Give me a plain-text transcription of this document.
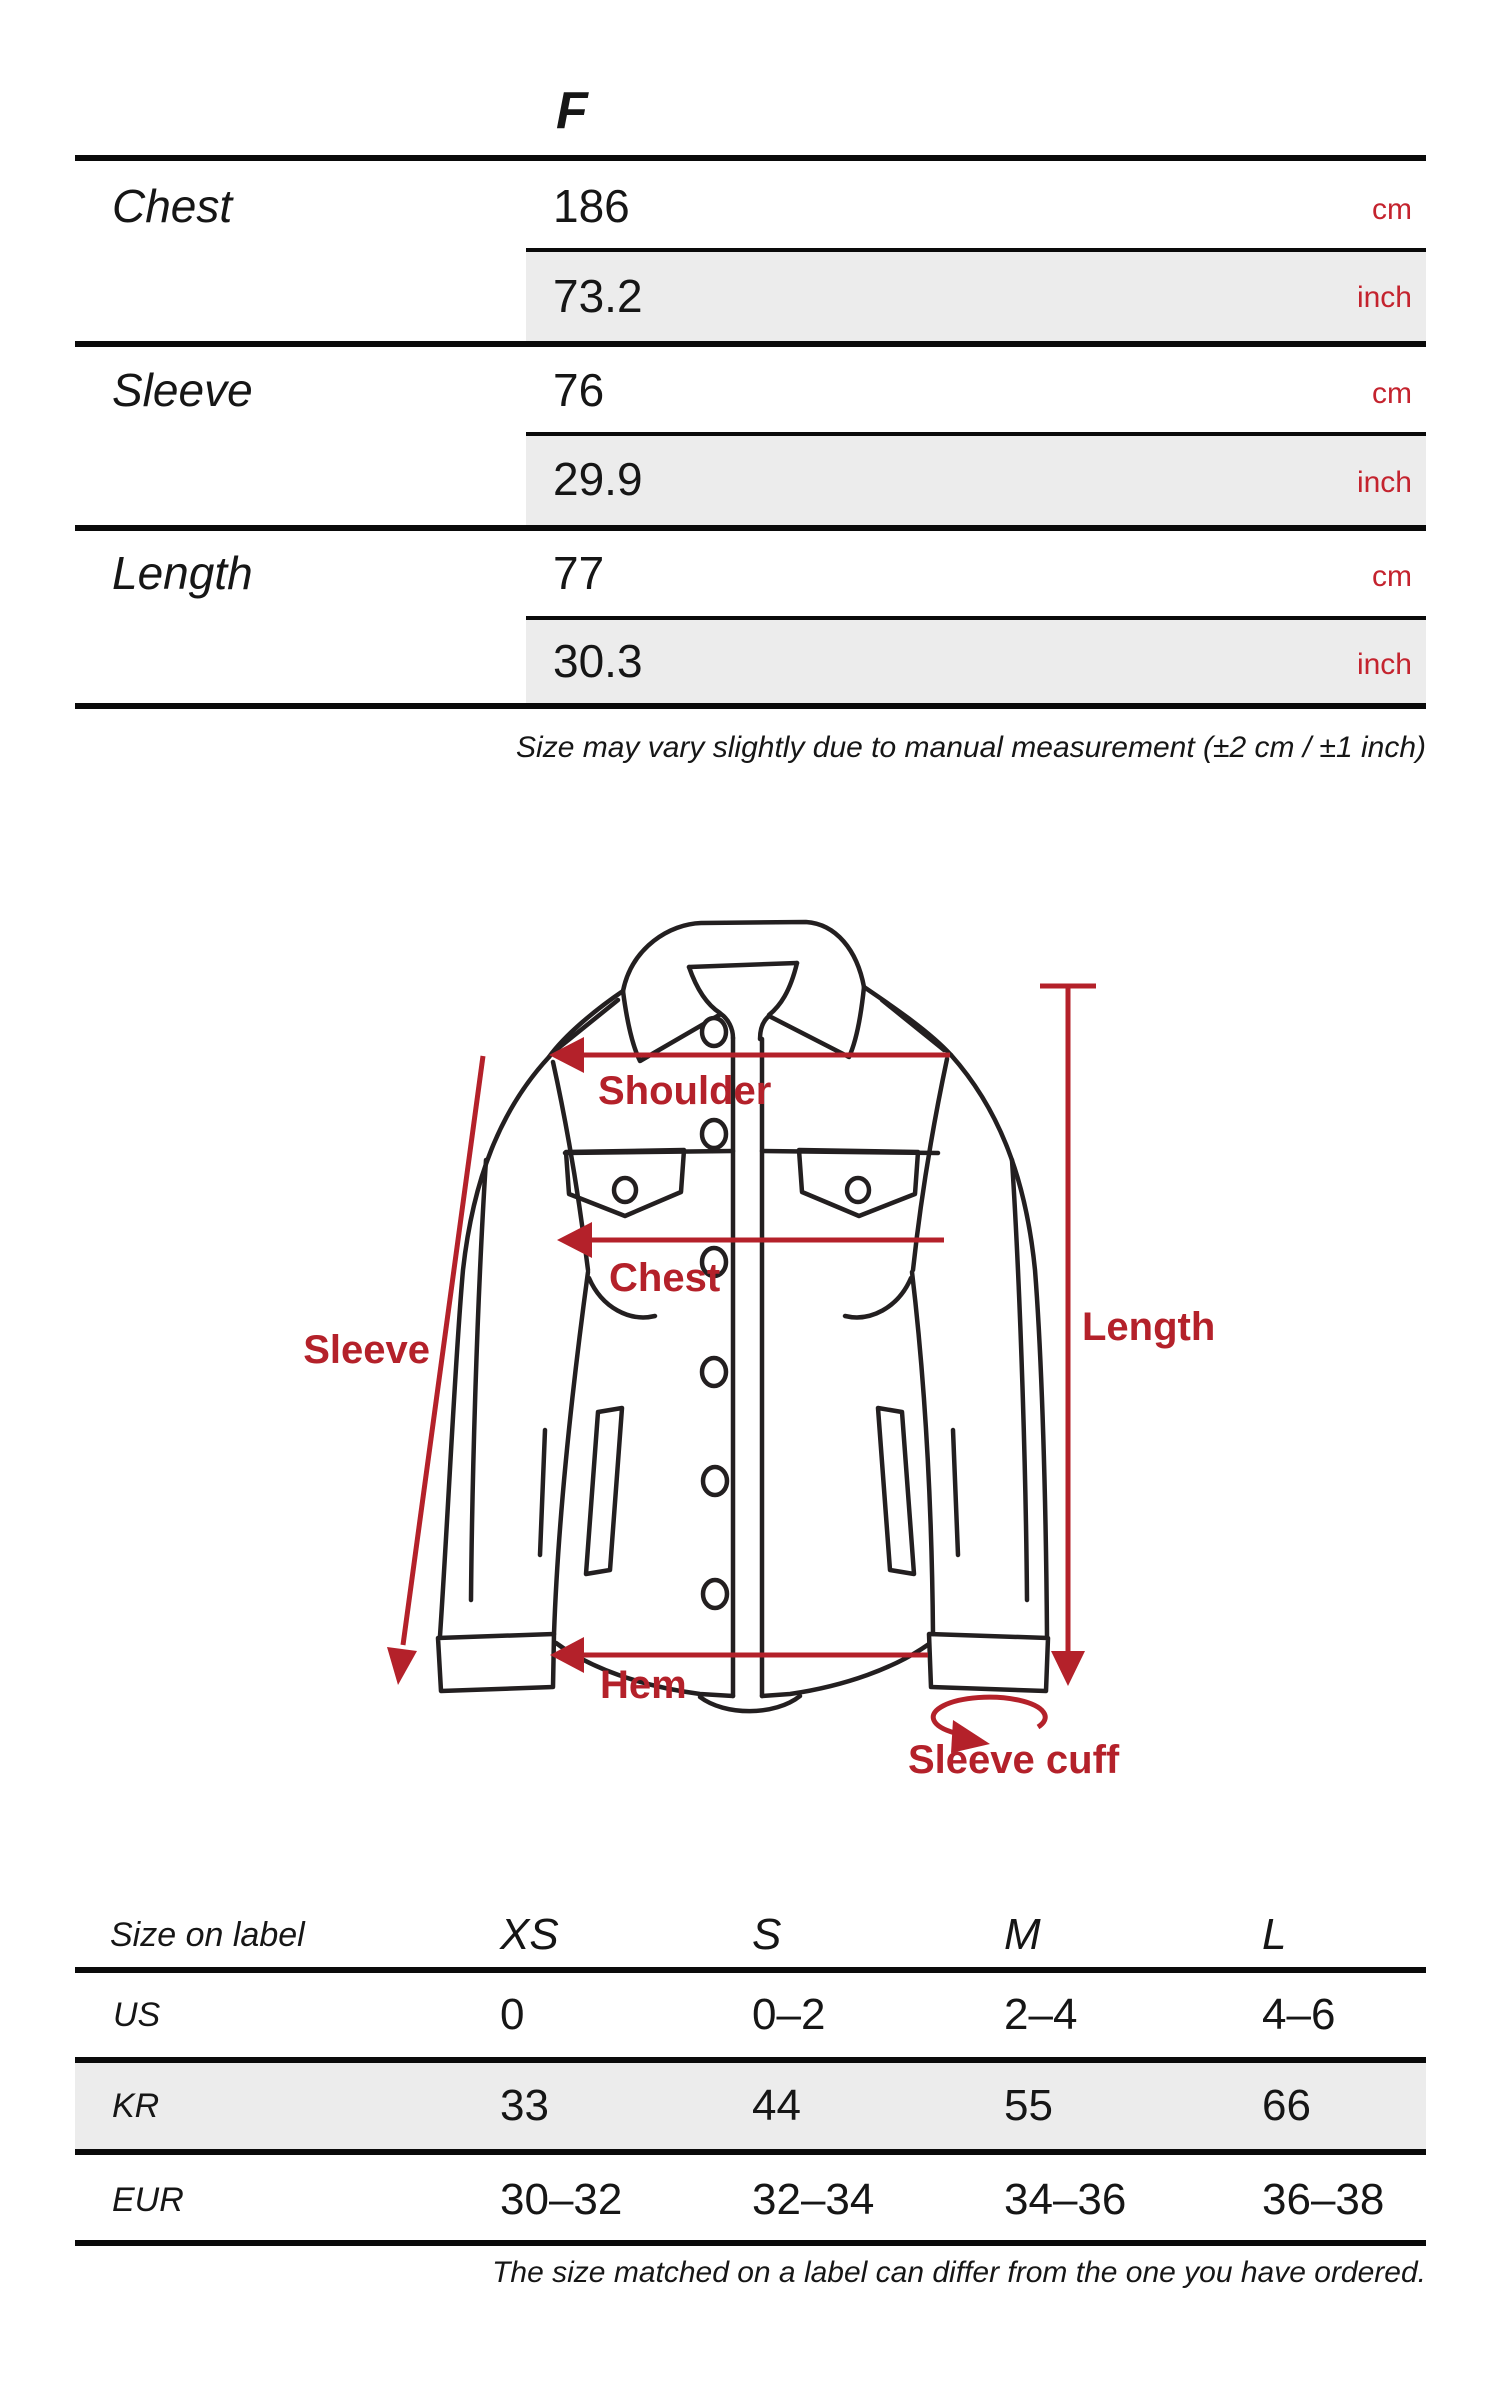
F
Chest	186	cm
73.2	inch
Sleeve	76	cm
29.9	inch
Length	77	cm
30.3	inch
Size may vary slightly due to manual measurement (±2 cm / ±1 inch)
Shoulder
Chest
Sleeve
Length
Hem
Sleeve cuff
Size on label	XS	S	M	L
US	0	0–2	2–4	4–6
KR	33	44	55	66
EUR	30–32	32–34	34–36	36–38
The size matched on a label can differ from the one you have ordered.
